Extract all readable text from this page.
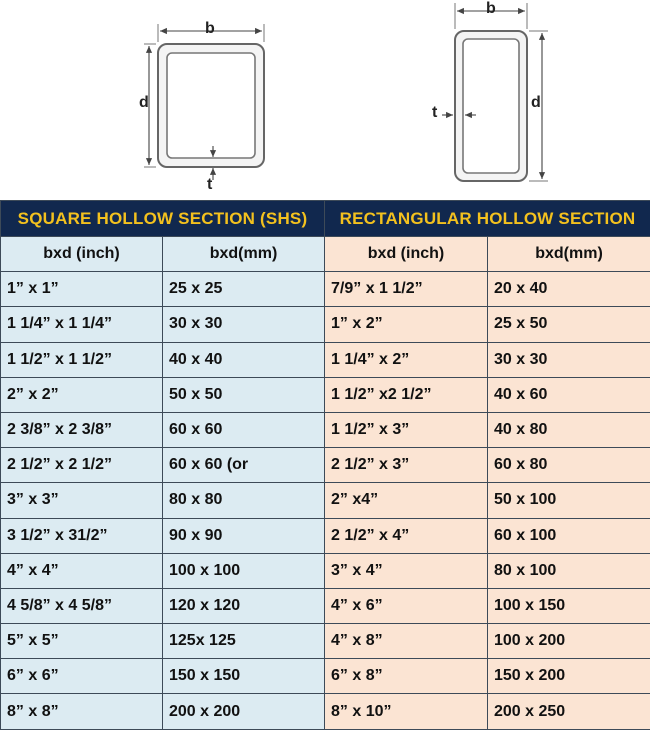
b
d
t
b
d
t
SQUARE HOLLOW SECTION (SHS)		RECTANGULAR HOLLOW SECTION	
bxd (inch)	bxd(mm)	bxd (inch)	bxd(mm)
1” x 1”	25 x 25	7/9” x 1 1/2”	20 x 40
1 1/4” x 1 1/4”	30 x 30	1” x 2”	25 x 50
1 1/2” x 1 1/2”	40 x 40	1 1/4” x 2”	30 x 30
2” x 2”	50 x 50	1 1/2” x2 1/2”	40 x 60
2 3/8” x 2 3/8”	60 x 60	1 1/2” x 3”	40 x 80
2 1/2” x 2 1/2”	60 x 60 (or	2 1/2” x 3”	60 x 80
3” x 3”	80 x 80	2” x4”	50 x 100
3 1/2” x 31/2”	90 x 90	2 1/2” x 4”	60 x 100
4” x 4”	100 x 100	3” x 4”	80 x 100
4 5/8” x 4 5/8”	120 x 120	4” x 6”	100 x 150
5” x 5”	125x 125	4” x 8”	100 x 200
6” x 6”	150 x 150	6” x 8”	150 x 200
8” x 8”	200 x 200	8” x 10”	200 x 250
